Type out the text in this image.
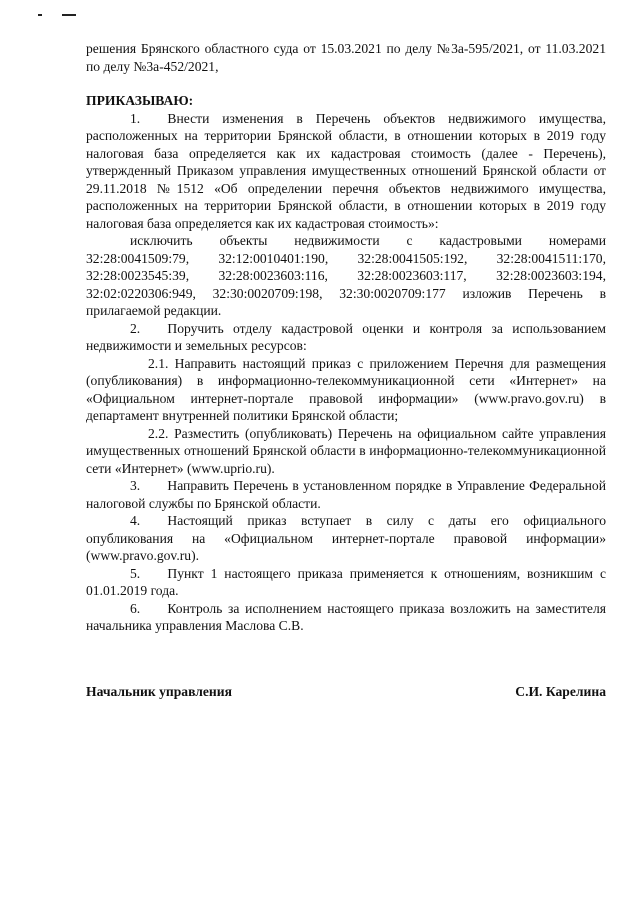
решения Брянского областного суда от 15.03.2021 по делу №3а-595/2021, от 11.03.2021 по делу №3а-452/2021,

ПРИКАЗЫВАЮ:

1.  Внести изменения в Перечень объектов недвижимого имущества, расположенных на территории Брянской области, в отношении которых в 2019 году налоговая база определяется как их кадастровая стоимость (далее - Перечень), утвержденный Приказом управления имущественных отношений Брянской области от 29.11.2018 №1512 «Об определении перечня объектов недвижимого имущества, расположенных на территории Брянской области, в отношении которых в 2019 году налоговая база определяется как их кадастровая стоимость»:

исключить объекты недвижимости с кадастровыми номерами

32:28:0041509:79, 32:12:0010401:190, 32:28:0041505:192, 32:28:0041511:170,

32:28:0023545:39, 32:28:0023603:116, 32:28:0023603:117, 32:28:0023603:194,

32:02:0220306:949, 32:30:0020709:198, 32:30:0020709:177 изложив Перечень в прилагаемой редакции.

2.  Поручить отделу кадастровой оценки и контроля за использованием недвижимости и земельных ресурсов:

2.1. Направить настоящий приказ с приложением Перечня для размещения (опубликования) в информационно-телекоммуникационной сети «Интернет» на «Официальном интернет-портале правовой информации» (www.pravo.gov.ru) в департамент внутренней политики Брянской области;

2.2. Разместить (опубликовать) Перечень на официальном сайте управления имущественных отношений Брянской области в информационно-телекоммуникационной сети «Интернет» (www.uprio.ru).

3.  Направить Перечень в установленном порядке в Управление Федеральной налоговой службы по Брянской области.

4.  Настоящий приказ вступает в силу с даты его официального опубликования на «Официальном интернет-портале правовой информации» (www.pravo.gov.ru).

5.  Пункт 1 настоящего приказа применяется к отношениям, возникшим с 01.01.2019 года.

6.  Контроль за исполнением настоящего приказа возложить на заместителя начальника управления Маслова С.В.

Начальник управления	С.И. Карелина
